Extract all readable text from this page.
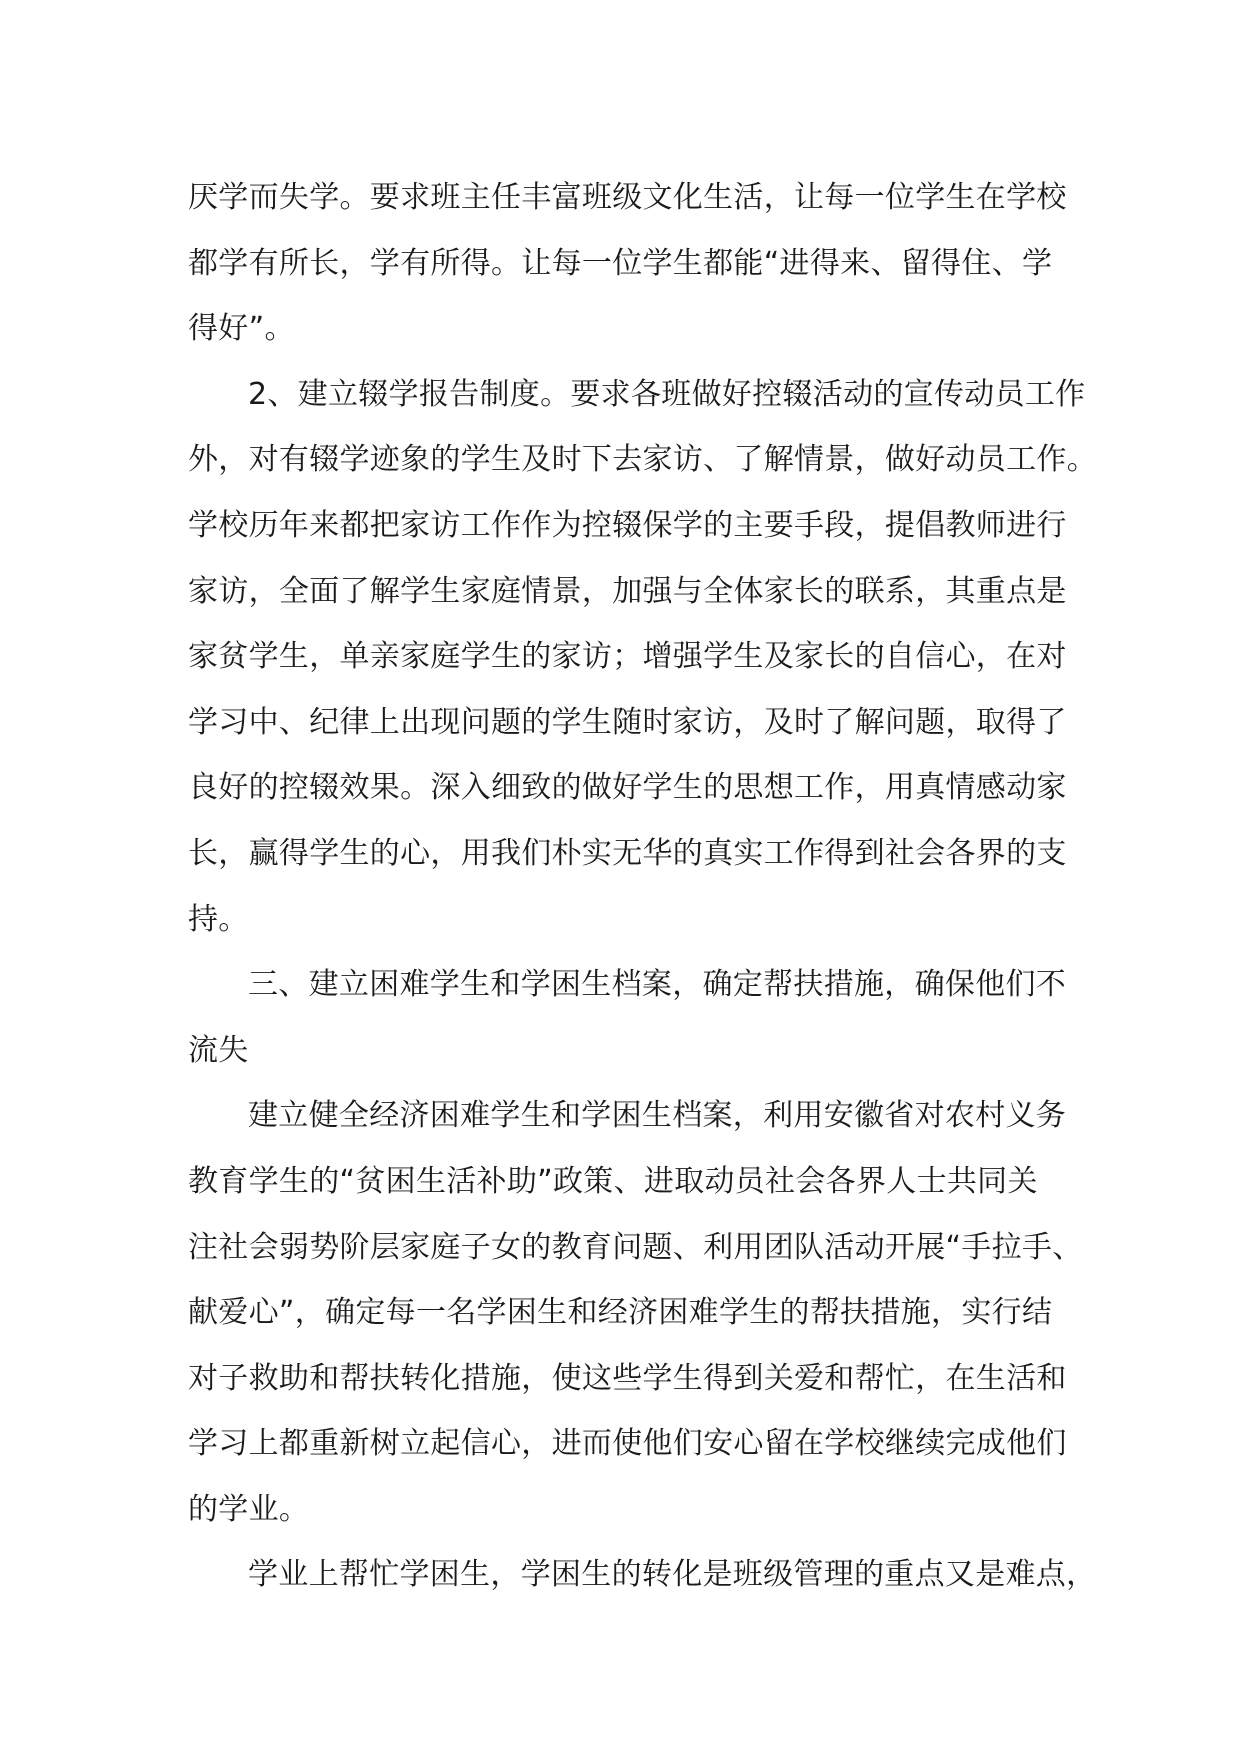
厌学而失学。要求班主任丰富班级文化生活，让每一位学生在学校
都学有所长，学有所得。让每一位学生都能“进得来、留得住、学
得好”。
2、建立辍学报告制度。要求各班做好控辍活动的宣传动员工作
外，对有辍学迹象的学生及时下去家访、了解情景，做好动员工作。
学校历年来都把家访工作作为控辍保学的主要手段，提倡教师进行
家访，全面了解学生家庭情景，加强与全体家长的联系，其重点是
家贫学生，单亲家庭学生的家访；增强学生及家长的自信心，在对
学习中、纪律上出现问题的学生随时家访，及时了解问题，取得了
良好的控辍效果。深入细致的做好学生的思想工作，用真情感动家
长，赢得学生的心，用我们朴实无华的真实工作得到社会各界的支
持。
三、建立困难学生和学困生档案，确定帮扶措施，确保他们不
流失
建立健全经济困难学生和学困生档案，利用安徽省对农村义务
教育学生的“贫困生活补助”政策、进取动员社会各界人士共同关
注社会弱势阶层家庭子女的教育问题、利用团队活动开展“手拉手、
献爱心”，确定每一名学困生和经济困难学生的帮扶措施，实行结
对子救助和帮扶转化措施，使这些学生得到关爱和帮忙，在生活和
学习上都重新树立起信心，进而使他们安心留在学校继续完成他们
的学业。
学业上帮忙学困生，学困生的转化是班级管理的重点又是难点，
